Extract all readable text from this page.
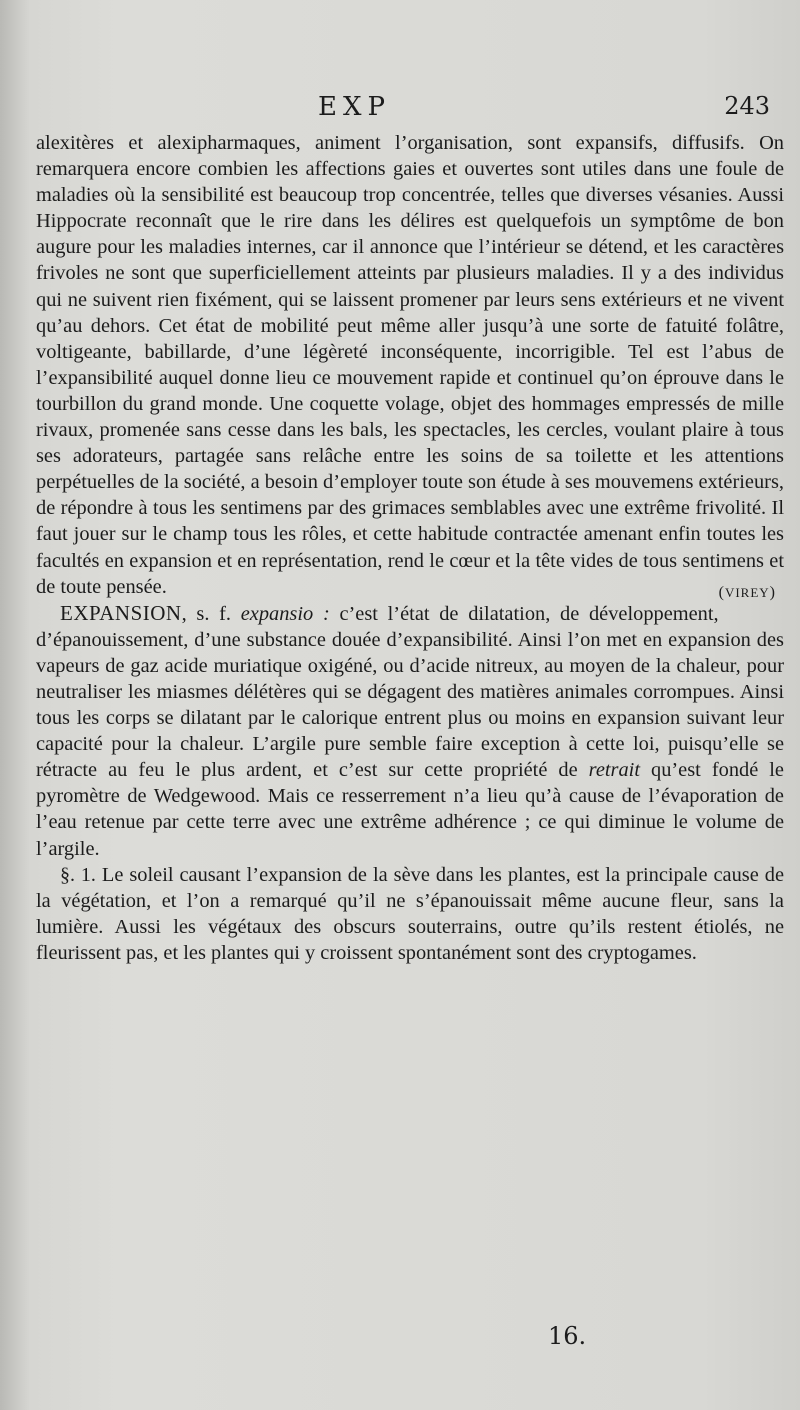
EXP	243

alexitères et alexipharmaques, animent l’organisation, sont expansifs, diffusifs. On remarquera encore combien les affections gaies et ouvertes sont utiles dans une foule de maladies où la sensibilité est beaucoup trop concentrée, telles que diverses vésanies. Aussi Hippocrate reconnaît que le rire dans les délires est quelquefois un symptôme de bon augure pour les maladies internes, car il annonce que l’intérieur se détend, et les caractères frivoles ne sont que superficiellement atteints par plusieurs maladies. Il y a des individus qui ne suivent rien fixément, qui se laissent promener par leurs sens extérieurs et ne vivent qu’au dehors. Cet état de mobilité peut même aller jusqu’à une sorte de fatuité folâtre, voltigeante, babillarde, d’une légèreté inconséquente, incorrigible. Tel est l’abus de l’expansibilité auquel donne lieu ce mouvement rapide et continuel qu’on éprouve dans le tourbillon du grand monde. Une coquette volage, objet des hommages empressés de mille rivaux, promenée sans cesse dans les bals, les spectacles, les cercles, voulant plaire à tous ses adorateurs, partagée sans relâche entre les soins de sa toilette et les attentions perpétuelles de la société, a besoin d’employer toute son étude à ses mouvemens extérieurs, de répondre à tous les sentimens par des grimaces semblables avec une extrême frivolité. Il faut jouer sur le champ tous les rôles, et cette habitude contractée amenant enfin toutes les facultés en expansion et en représentation, rend le cœur et la tête vides de tous sentimens et de toute pensée.	(VIREY)

EXPANSION, s. f. expansio : c’est l’état de dilatation, de développement, d’épanouissement, d’une substance douée d’expansibilité. Ainsi l’on met en expansion des vapeurs de gaz acide muriatique oxigéné, ou d’acide nitreux, au moyen de la chaleur, pour neutraliser les miasmes délétères qui se dégagent des matières animales corrompues. Ainsi tous les corps se dilatant par le calorique entrent plus ou moins en expansion suivant leur capacité pour la chaleur. L’argile pure semble faire exception à cette loi, puisqu’elle se rétracte au feu le plus ardent, et c’est sur cette propriété de retrait qu’est fondé le pyromètre de Wedgewood. Mais ce resserrement n’a lieu qu’à cause de l’évaporation de l’eau retenue par cette terre avec une extrême adhérence ; ce qui diminue le volume de l’argile.

§. 1. Le soleil causant l’expansion de la sève dans les plantes, est la principale cause de la végétation, et l’on a remarqué qu’il ne s’épanouissait même aucune fleur, sans la lumière. Aussi les végétaux des obscurs souterrains, outre qu’ils restent étiolés, ne fleurissent pas, et les plantes qui y croissent spontanément sont des cryptogames.

16.
